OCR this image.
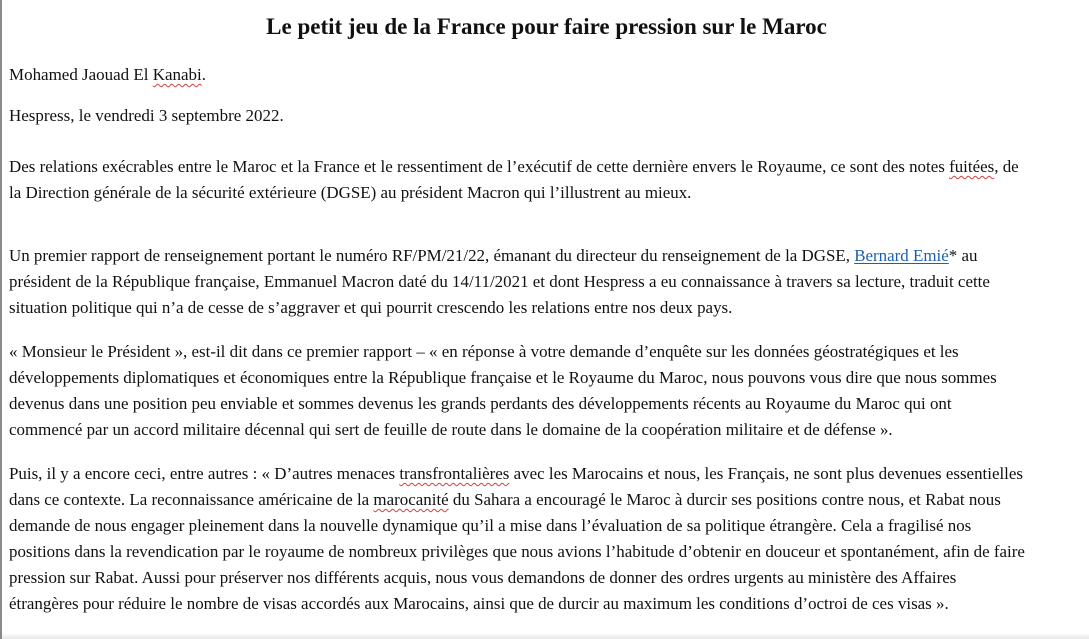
Le petit jeu de la France pour faire pression sur le Maroc
Mohamed Jaouad El Kanabi.
Hespress, le vendredi 3 septembre 2022.
Des relations exécrables entre le Maroc et la France et le ressentiment de l’exécutif de cette dernière envers le Royaume, ce sont des notes fuitées, de
la Direction générale de la sécurité extérieure (DGSE) au président Macron qui l’illustrent au mieux.
Un premier rapport de renseignement portant le numéro RF/PM/21/22, émanant du directeur du renseignement de la DGSE, Bernard Emié* au
président de la République française, Emmanuel Macron daté du 14/11/2021 et dont Hespress a eu connaissance à travers sa lecture, traduit cette
situation politique qui n’a de cesse de s’aggraver et qui pourrit crescendo les relations entre nos deux pays.
« Monsieur le Président », est-il dit dans ce premier rapport – « en réponse à votre demande d’enquête sur les données géostratégiques et les
développements diplomatiques et économiques entre la République française et le Royaume du Maroc, nous pouvons vous dire que nous sommes
devenus dans une position peu enviable et sommes devenus les grands perdants des développements récents au Royaume du Maroc qui ont
commencé par un accord militaire décennal qui sert de feuille de route dans le domaine de la coopération militaire et de défense ».
Puis, il y a encore ceci, entre autres : « D’autres menaces transfrontalières avec les Marocains et nous, les Français, ne sont plus devenues essentielles
dans ce contexte. La reconnaissance américaine de la marocanité du Sahara a encouragé le Maroc à durcir ses positions contre nous, et Rabat nous
demande de nous engager pleinement dans la nouvelle dynamique qu’il a mise dans l’évaluation de sa politique étrangère. Cela a fragilisé nos
positions dans la revendication par le royaume de nombreux privilèges que nous avions l’habitude d’obtenir en douceur et spontanément, afin de faire
pression sur Rabat. Aussi pour préserver nos différents acquis, nous vous demandons de donner des ordres urgents au ministère des Affaires
étrangères pour réduire le nombre de visas accordés aux Marocains, ainsi que de durcir au maximum les conditions d’octroi de ces visas ».
